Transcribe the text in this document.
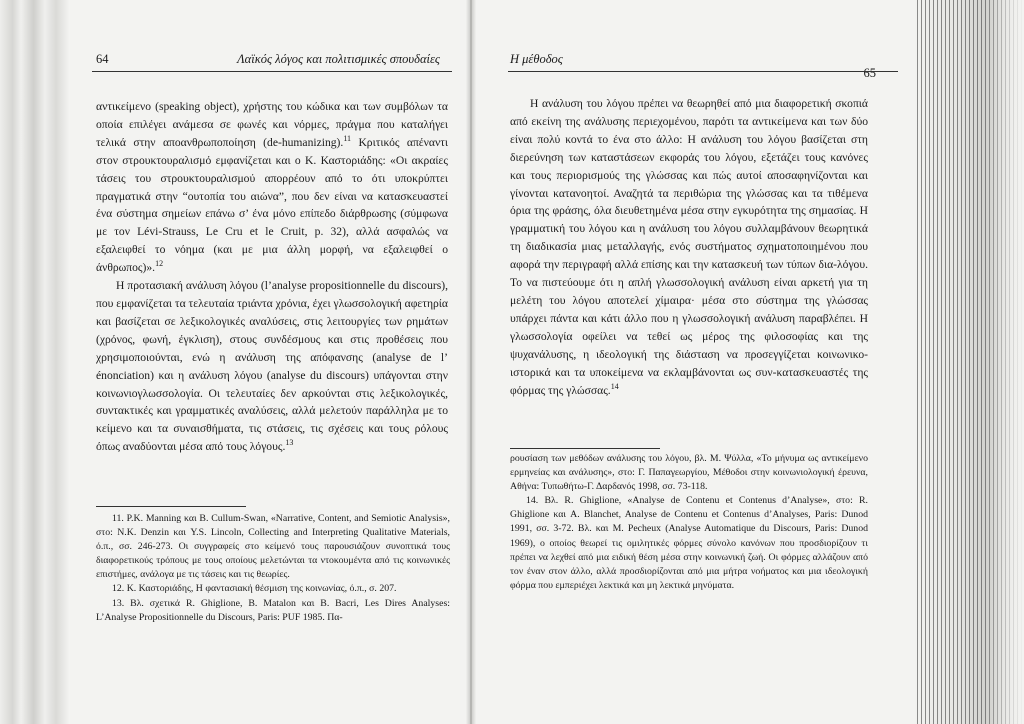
64	Λαϊκός λόγος και πολιτισμικές σπουδαίες

αντικείμενο (speaking object), χρήστης του κώδικα και των συμβόλων τα οποία επιλέγει ανάμεσα σε φωνές και νόρμες, πράγμα που καταλήγει τελικά στην αποανθρωποποίηση (de-humanizing).$^{11}$ Κριτικός απέναντι στον στρουκτουραλισμό εμφανίζεται και ο Κ. Καστοριάδης: «Οι ακραίες τάσεις του στρουκτουραλισμού απορρέουν από το ότι υποκρύπτει πραγματικά στην “ουτοπία του αιώνα”, που δεν είναι να κατασκευαστεί ένα σύστημα σημείων επάνω σ’ ένα μόνο επίπεδο διάρθρωσης (σύμφωνα με τον Lévi-Strauss, Le Cru et le Cruit, p. 32), αλλά ασφαλώς να εξαλειφθεί το νόημα (και με μια άλλη μορφή, να εξαλειφθεί ο άνθρωπος)».$^{12}$

Η προτασιακή ανάλυση λόγου (l’analyse propositionnelle du discours), που εμφανίζεται τα τελευταία τριάντα χρόνια, έχει γλωσσολογική αφετηρία και βασίζεται σε λεξικολογικές αναλύσεις, στις λειτουργίες των ρημάτων (χρόνος, φωνή, έγκλιση), στους συνδέσμους και στις προθέσεις που χρησιμοποιούνται, ενώ η ανάλυση της απόφανσης (analyse de l’ énonciation) και η ανάλυση λόγου (analyse du discours) υπάγονται στην κοινωνιογλωσσολογία. Οι τελευταίες δεν αρκούνται στις λεξικολογικές, συντακτικές και γραμματικές αναλύσεις, αλλά μελετούν παράλληλα με το κείμενο και τα συναισθήματα, τις στάσεις, τις σχέσεις και τους ρόλους όπως αναδύονται μέσα από τους λόγους.$^{13}$

11. P.K. Manning και B. Cullum-Swan, «Narrative, Content, and Semiotic Analysis», στο: N.K. Denzin και Y.S. Lincoln, Collecting and Interpreting Qualitative Materials, ό.π., σσ. 246-273. Οι συγγραφείς στο κείμενό τους παρουσιάζουν συνοπτικά τους διαφορετικούς τρόπους με τους οποίους μελετώνται τα ντοκουμέντα από τις κοινωνικές επιστήμες, ανάλογα με τις τάσεις και τις θεωρίες.

12. Κ. Καστοριάδης, Η φαντασιακή θέσμιση της κοινωνίας, ό.π., σ. 207.

13. Βλ. σχετικά R. Ghiglione, B. Matalon και B. Bacri, Les Dires Analyses: L’Analyse Propositionnelle du Discours, Paris: PUF 1985. Πα-

Η μέθοδος
65

Η ανάλυση του λόγου πρέπει να θεωρηθεί από μια διαφορετική σκοπιά από εκείνη της ανάλυσης περιεχομένου, παρότι τα αντικείμενα και των δύο είναι πολύ κοντά το ένα στο άλλο: Η ανάλυση του λόγου βασίζεται στη διερεύνηση των καταστάσεων εκφοράς του λόγου, εξετάζει τους κανόνες και τους περιορισμούς της γλώσσας και πώς αυτοί αποσαφηνίζονται και γίνονται κατανοητοί. Αναζητά τα περιθώρια της γλώσσας και τα τιθέμενα όρια της φράσης, όλα διευθετημένα μέσα στην εγκυρότητα της σημασίας. Η γραμματική του λόγου και η ανάλυση του λόγου συλλαμβάνουν θεωρητικά τη διαδικασία μιας μεταλλαγής, ενός συστήματος σχηματοποιημένου που αφορά την περιγραφή αλλά επίσης και την κατασκευή των τύπων δια-λόγου. Το να πιστεύουμε ότι η απλή γλωσσολογική ανάλυση είναι αρκετή για τη μελέτη του λόγου αποτελεί χίμαιρα· μέσα στο σύστημα της γλώσσας υπάρχει πάντα και κάτι άλλο που η γλωσσολογική ανάλυση παραβλέπει. Η γλωσσολογία οφείλει να τεθεί ως μέρος της φιλοσοφίας και της ψυχανάλυσης, η ιδεολογική της διάσταση να προσεγγίζεται κοινωνικο-ιστορικά και τα υποκείμενα να εκλαμβάνονται ως συν-κατασκευαστές της φόρμας της γλώσσας.$^{14}$

ρουσίαση των μεθόδων ανάλυσης του λόγου, βλ. Μ. Ψύλλα, «Το μήνυμα ως αντικείμενο ερμηνείας και ανάλυσης», στο: Γ. Παπαγεωργίου, Μέθοδοι στην κοινωνιολογική έρευνα, Αθήνα: Τυπωθήτω-Γ. Δαρδανός 1998, σσ. 73-118.

14. Βλ. R. Ghiglione, «Analyse de Contenu et Contenus d’Analyse», στο: R. Ghiglione και A. Blanchet, Analyse de Contenu et Contenus d’Analyses, Paris: Dunod 1991, σσ. 3-72. Βλ. και M. Pecheux (Analyse Automatique du Discours, Paris: Dunod 1969), ο οποίος θεωρεί τις ομιλητικές φόρμες σύνολο κανόνων που προσδιορίζουν τι πρέπει να λεχθεί από μια ειδική θέση μέσα στην κοινωνική ζωή. Οι φόρμες αλλάζουν από τον έναν στον άλλο, αλλά προσδιορίζονται από μια μήτρα νοήματος και μια ιδεολογική φόρμα που εμπεριέχει λεκτικά και μη λεκτικά μηνύματα.
